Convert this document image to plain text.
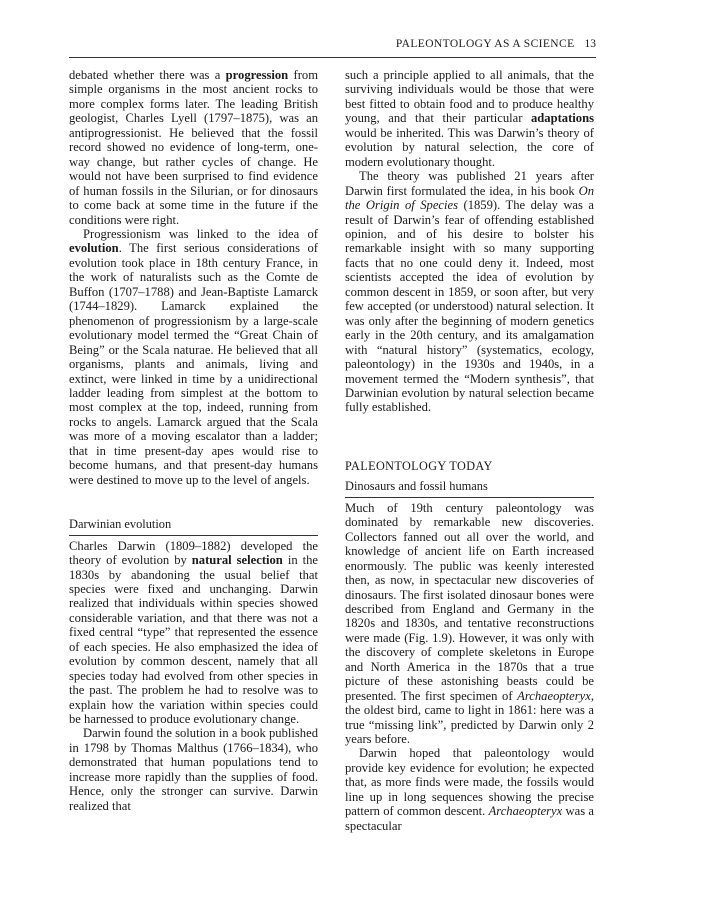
PALEONTOLOGY AS A SCIENCE 13

debated whether there was a progression from simple organisms in the most ancient rocks to more complex forms later. The leading British geologist, Charles Lyell (1797–1875), was an antiprogressionist. He believed that the fossil record showed no evidence of long-term, one-way change, but rather cycles of change. He would not have been surprised to find evidence of human fossils in the Silurian, or for dinosaurs to come back at some time in the future if the conditions were right.

Progressionism was linked to the idea of evolution. The first serious considerations of evolution took place in 18th century France, in the work of naturalists such as the Comte de Buffon (1707–1788) and Jean-Baptiste Lamarck (1744–1829). Lamarck explained the phenomenon of progressionism by a large-scale evolutionary model termed the “Great Chain of Being” or the Scala naturae. He believed that all organisms, plants and animals, living and extinct, were linked in time by a unidirectional ladder leading from simplest at the bottom to most complex at the top, indeed, running from rocks to angels. Lamarck argued that the Scala was more of a moving escalator than a ladder; that in time present-day apes would rise to become humans, and that present-day humans were destined to move up to the level of angels.

Darwinian evolution

Charles Darwin (1809–1882) developed the theory of evolution by natural selection in the 1830s by abandoning the usual belief that species were fixed and unchanging. Darwin realized that individuals within species showed considerable variation, and that there was not a fixed central “type” that represented the essence of each species. He also emphasized the idea of evolution by common descent, namely that all species today had evolved from other species in the past. The problem he had to resolve was to explain how the variation within species could be harnessed to produce evolutionary change.

Darwin found the solution in a book published in 1798 by Thomas Malthus (1766–1834), who demonstrated that human populations tend to increase more rapidly than the supplies of food. Hence, only the stronger can survive. Darwin realized that

such a principle applied to all animals, that the surviving individuals would be those that were best fitted to obtain food and to produce healthy young, and that their particular adaptations would be inherited. This was Darwin’s theory of evolution by natural selection, the core of modern evolutionary thought.

The theory was published 21 years after Darwin first formulated the idea, in his book On the Origin of Species (1859). The delay was a result of Darwin’s fear of offending established opinion, and of his desire to bolster his remarkable insight with so many supporting facts that no one could deny it. Indeed, most scientists accepted the idea of evolution by common descent in 1859, or soon after, but very few accepted (or understood) natural selection. It was only after the beginning of modern genetics early in the 20th century, and its amalgamation with “natural history” (systematics, ecology, paleontology) in the 1930s and 1940s, in a movement termed the “Modern synthesis”, that Darwinian evolution by natural selection became fully established.

PALEONTOLOGY TODAY
Dinosaurs and fossil humans

Much of 19th century paleontology was dominated by remarkable new discoveries. Collectors fanned out all over the world, and knowledge of ancient life on Earth increased enormously. The public was keenly interested then, as now, in spectacular new discoveries of dinosaurs. The first isolated dinosaur bones were described from England and Germany in the 1820s and 1830s, and tentative reconstructions were made (Fig. 1.9). However, it was only with the discovery of complete skeletons in Europe and North America in the 1870s that a true picture of these astonishing beasts could be presented. The first specimen of Archaeopteryx, the oldest bird, came to light in 1861: here was a true “missing link”, predicted by Darwin only 2 years before.

Darwin hoped that paleontology would provide key evidence for evolution; he expected that, as more finds were made, the fossils would line up in long sequences showing the precise pattern of common descent. Archaeopteryx was a spectacular
